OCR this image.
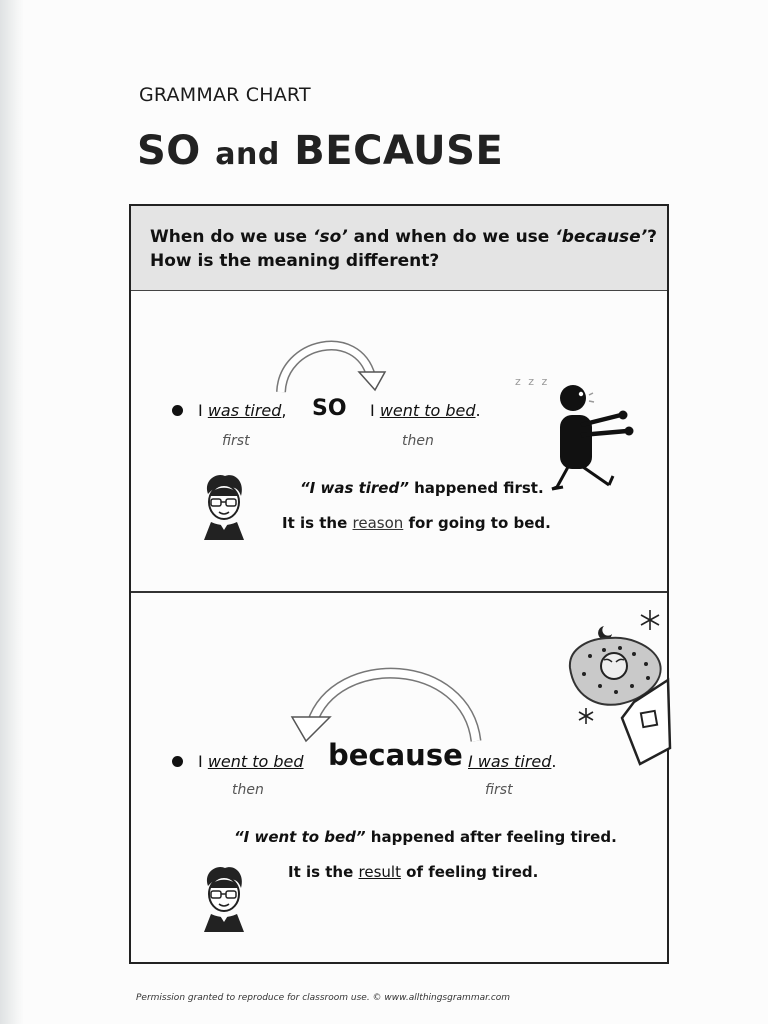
GRAMMAR CHART
SO and BECAUSE
When do we use ‘so’ and when do we use ‘because’?
How is the meaning different?
I was tired, SO I went to bed.
first	then
“I was tired” happened first.
It is the reason for going to bed.
z z z
I went to bed because I was tired.
then	first
“I went to bed” happened after feeling tired.
It is the result of feeling tired.
Permission granted to reproduce for classroom use. © www.allthingsgrammar.com
